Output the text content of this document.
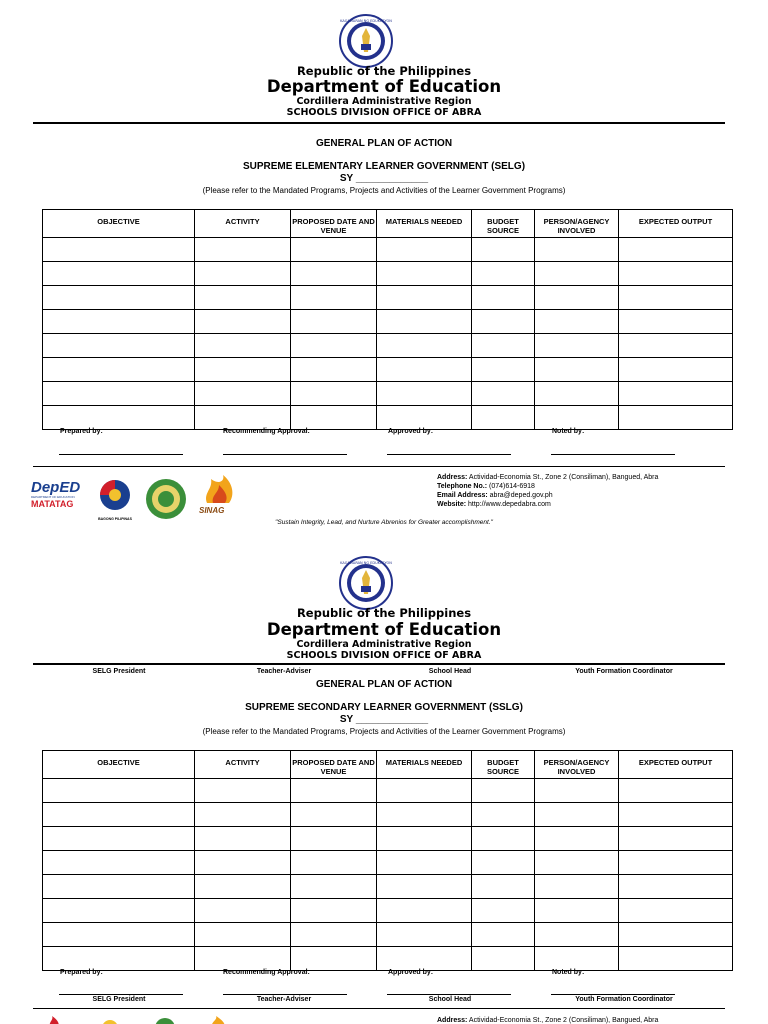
KAGAWARAN NG EDUKASYON
Republic of the Philippines
Department of Education
Cordillera Administrative Region
SCHOOLS DIVISION OFFICE OF ABRA
GENERAL PLAN OF ACTION
SUPREME ELEMENTARY LEARNER GOVERNMENT (SELG)
SY _____________
(Please refer to the Mandated Programs, Projects and Activities of the Learner Government Programs)
OBJECTIVE	ACTIVITY	PROPOSED DATE AND VENUE	MATERIALS NEEDED	BUDGET SOURCE	PERSON/AGENCY INVOLVED	EXPECTED OUTPUT

Prepared by:	Recommending Approval:	Approved by:	Noted by:
DepED
DEPARTMENT OF EDUCATION
MATATAG
BAGONG PILIPINAS
SINAG
Address: Actividad-Economia St., Zone 2 (Consiliman), Bangued, Abra
Telephone No.: (074)614-6918
Email Address: abra@deped.gov.ph
Website: http://www.depedabra.com
"Sustain Integrity, Lead, and Nurture Abrenios for Greater accomplishment."
KAGAWARAN NG EDUKASYON
Republic of the Philippines
Department of Education
Cordillera Administrative Region
SCHOOLS DIVISION OFFICE OF ABRA
SELG President	Teacher-Adviser	School Head	Youth Formation Coordinator
GENERAL PLAN OF ACTION
SUPREME SECONDARY LEARNER GOVERNMENT (SSLG)
SY _____________
(Please refer to the Mandated Programs, Projects and Activities of the Learner Government Programs)
OBJECTIVE	ACTIVITY	PROPOSED DATE AND VENUE	MATERIALS NEEDED	BUDGET SOURCE	PERSON/AGENCY INVOLVED	EXPECTED OUTPUT

Prepared by:	Recommending Approval:	Approved by:	Noted by:
SELG President	Teacher-Adviser	School Head	Youth Formation Coordinator
Address: Actividad-Economia St., Zone 2 (Consiliman), Bangued, Abra
